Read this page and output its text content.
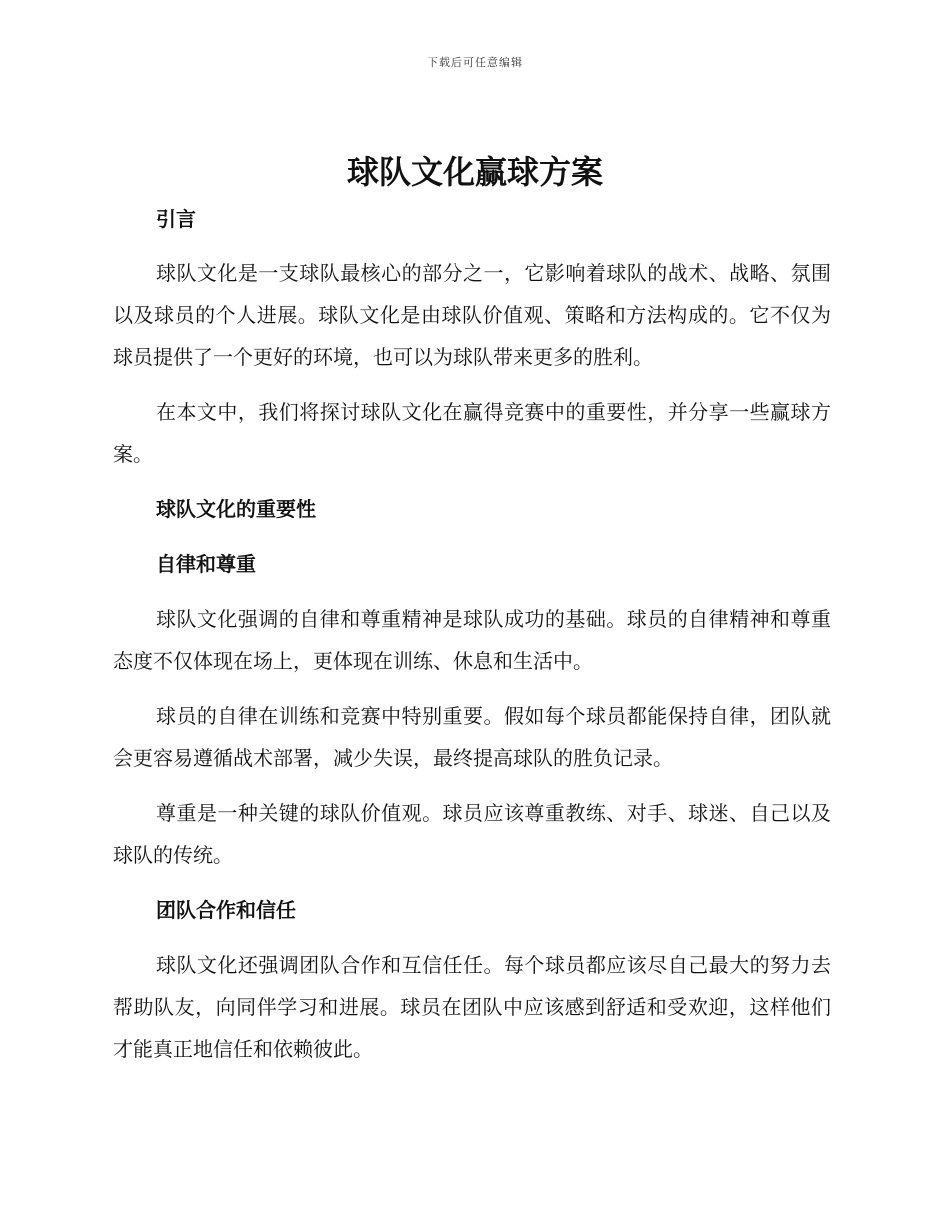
下载后可任意编辑
球队文化赢球方案
引言

球队文化是一支球队最核心的部分之一，它影响着球队的战术、战略、氛围以及球员的个人进展。球队文化是由球队价值观、策略和方法构成的。它不仅为球员提供了一个更好的环境，也可以为球队带来更多的胜利。

在本文中，我们将探讨球队文化在赢得竞赛中的重要性，并分享一些赢球方案。

球队文化的重要性
自律和尊重

球队文化强调的自律和尊重精神是球队成功的基础。球员的自律精神和尊重态度不仅体现在场上，更体现在训练、休息和生活中。

球员的自律在训练和竞赛中特别重要。假如每个球员都能保持自律，团队就会更容易遵循战术部署，减少失误，最终提高球队的胜负记录。

尊重是一种关键的球队价值观。球员应该尊重教练、对手、球迷、自己以及球队的传统。

团队合作和信任

球队文化还强调团队合作和互信任任。每个球员都应该尽自己最大的努力去帮助队友，向同伴学习和进展。球员在团队中应该感到舒适和受欢迎，这样他们才能真正地信任和依赖彼此。
